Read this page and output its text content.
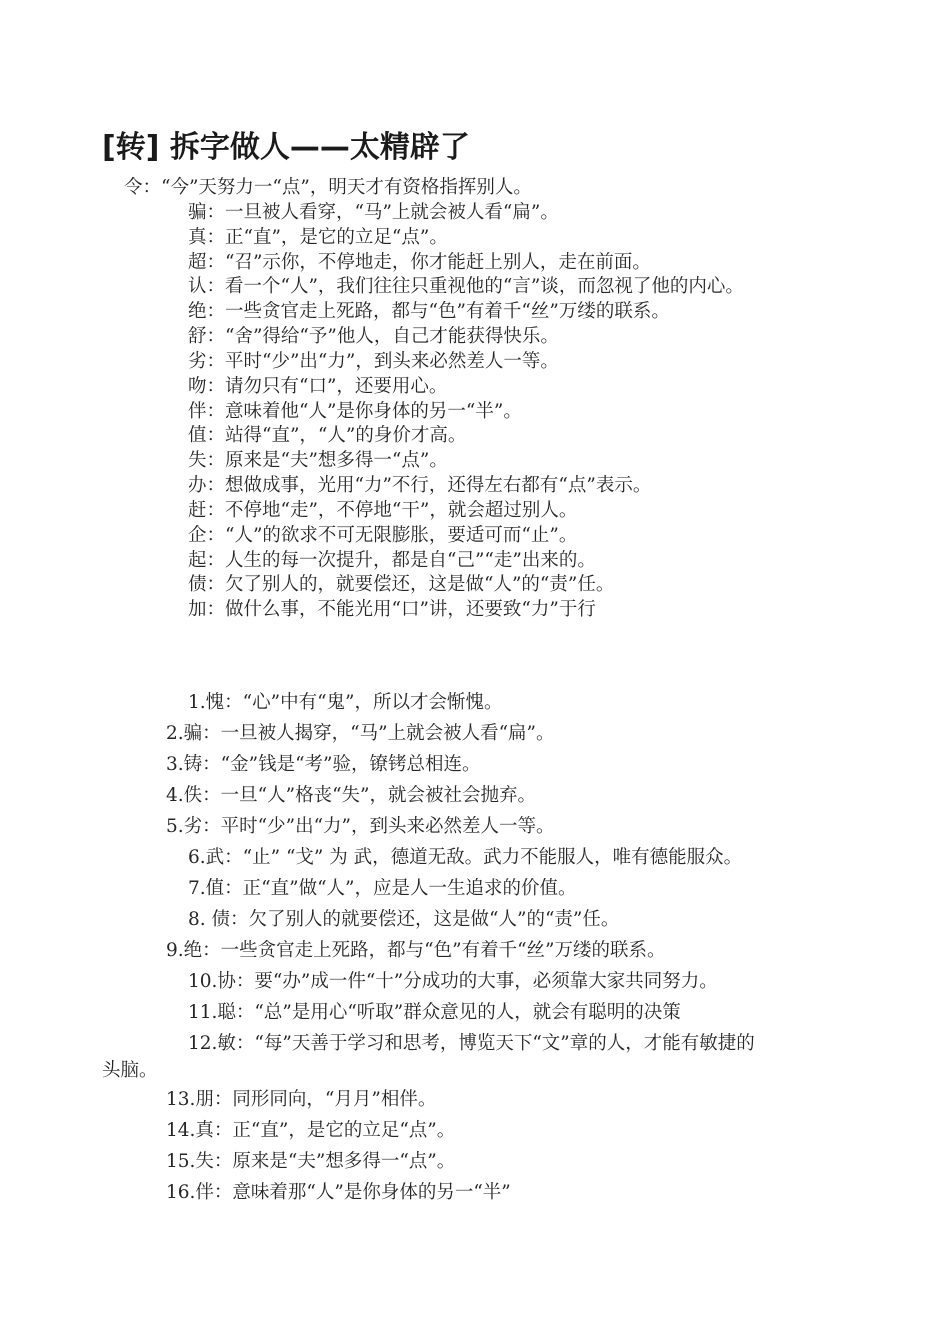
[转] 拆字做人——太精辟了
令：“今”天努力一“点”，明天才有资格指挥别人。
骗：一旦被人看穿，“马”上就会被人看“扁”。
真：正“直”，是它的立足“点”。
超：“召”示你，不停地走，你才能赶上别人，走在前面。
认：看一个“人”，我们往往只重视他的“言”谈，而忽视了他的内心。
绝：一些贪官走上死路，都与“色”有着千“丝”万缕的联系。
舒：“舍”得给“予”他人，自己才能获得快乐。
劣：平时“少”出“力”，到头来必然差人一等。
吻：请勿只有“口”，还要用心。
伴：意味着他“人”是你身体的另一“半”。
值：站得“直”，“人”的身价才高。
失：原来是“夫”想多得一“点”。
办：想做成事，光用“力”不行，还得左右都有“点”表示。
赶：不停地“走”，不停地“干”，就会超过别人。
企：“人”的欲求不可无限膨胀，要适可而“止”。
起：人生的每一次提升，都是自“己”“走”出来的。
债：欠了别人的，就要偿还，这是做“人”的“责”任。
加：做什么事，不能光用“口”讲，还要致“力”于行
1.愧：“心”中有“鬼”，所以才会惭愧。
2.骗：一旦被人揭穿，“马”上就会被人看“扁”。
3.铸：“金”钱是“考”验，镣铐总相连。
4.佚：一旦“人”格丧“失”，就会被社会抛弃。
5.劣：平时“少”出“力”，到头来必然差人一等。
6.武：“止” “戈” 为 武，德道无敌。武力不能服人，唯有德能服众。
7.值：正“直”做“人”，应是人一生追求的价值。
8. 债：欠了别人的就要偿还，这是做“人”的“责”任。
9.绝：一些贪官走上死路，都与“色”有着千“丝”万缕的联系。
10.协：要“办”成一件“十”分成功的大事，必须靠大家共同努力。
11.聪：“总”是用心“听取”群众意见的人，就会有聪明的决策
12.敏：“每”天善于学习和思考，博览天下“文”章的人，才能有敏捷的
头脑。
13.朋：同形同向，“月月”相伴。
14.真：正“直”，是它的立足“点”。
15.失：原来是“夫”想多得一“点”。
16.伴：意味着那“人”是你身体的另一“半”
